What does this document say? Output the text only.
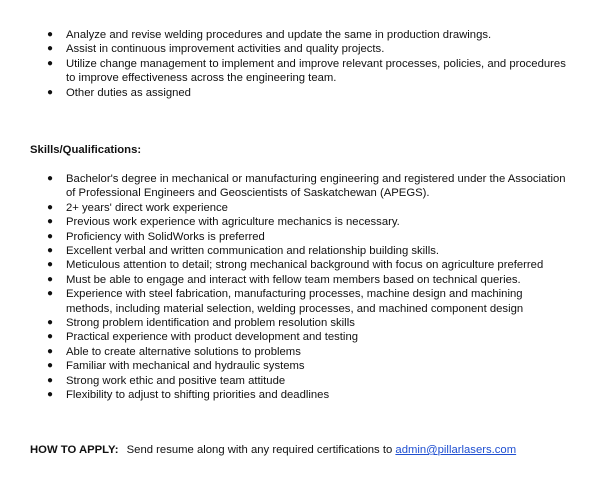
● Analyze and revise welding procedures and update the same in production drawings.
● Assist in continuous improvement activities and quality projects.
● Utilize change management to implement and improve relevant processes, policies, and procedures to improve effectiveness across the engineering team.
● Other duties as assigned
Skills/Qualifications:
● Bachelor's degree in mechanical or manufacturing engineering and registered under the Association of Professional Engineers and Geoscientists of Saskatchewan (APEGS).
● 2+ years' direct work experience
● Previous work experience with agriculture mechanics is necessary.
● Proficiency with SolidWorks is preferred
● Excellent verbal and written communication and relationship building skills.
● Meticulous attention to detail; strong mechanical background with focus on agriculture preferred
● Must be able to engage and interact with fellow team members based on technical queries.
● Experience with steel fabrication, manufacturing processes, machine design and machining methods, including material selection, welding processes, and machined component design
● Strong problem identification and problem resolution skills
● Practical experience with product development and testing
● Able to create alternative solutions to problems
● Familiar with mechanical and hydraulic systems
● Strong work ethic and positive team attitude
● Flexibility to adjust to shifting priorities and deadlines
HOW TO APPLY: Send resume along with any required certifications to admin@pillarlasers.com
